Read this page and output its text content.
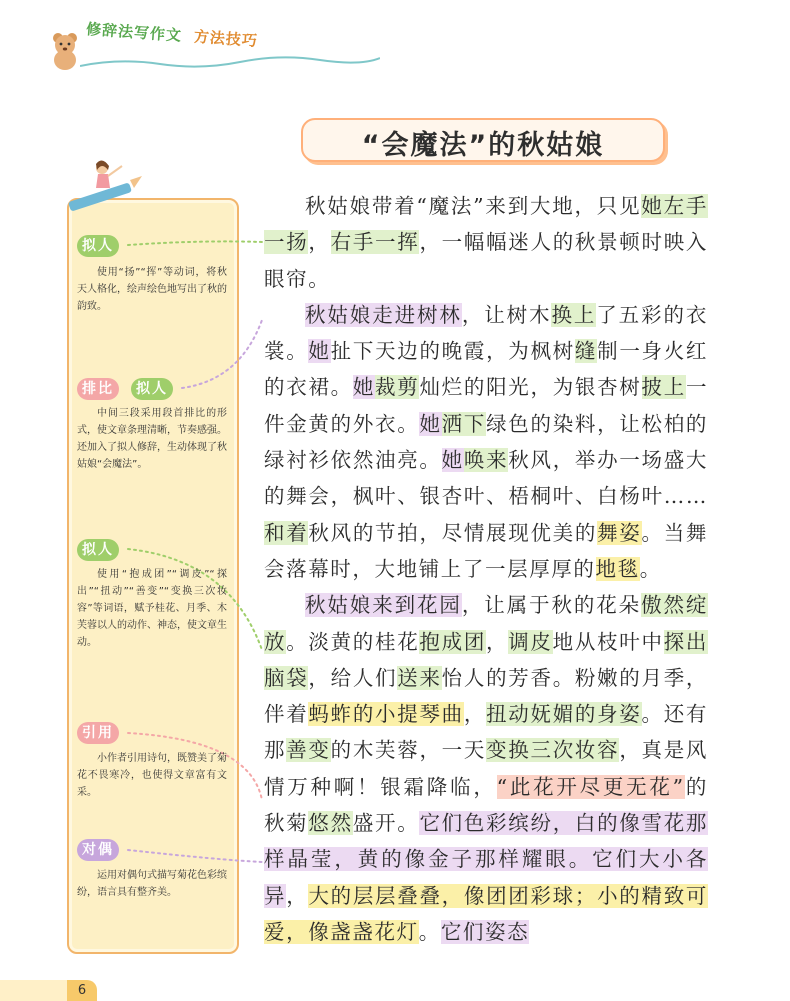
修辞法写作文 方法技巧
“会魔法”的秋姑娘
拟人
使用“扬”“挥”等动词，将秋天人格化，绘声绘色地写出了秋的韵致。
排比	拟人
中间三段采用段首排比的形式，使文章条理清晰，节奏感强。还加入了拟人修辞，生动体现了秋姑娘“会魔法”。
拟人
使用“抱成团”“调皮”“探出”“扭动”“善变”“变换三次妆容”等词语，赋予桂花、月季、木芙蓉以人的动作、神态，使文章生动。
引用
小作者引用诗句，既赞美了菊花不畏寒冷，也使得文章富有文采。
对偶
运用对偶句式描写菊花色彩缤纷，语言具有整齐美。

秋姑娘带着“魔法”来到大地，只见她左手一扬，右手一挥，一幅幅迷人的秋景顿时映入眼帘。

秋姑娘走进树林，让树木换上了五彩的衣裳。她扯下天边的晚霞，为枫树缝制一身火红的衣裙。她裁剪灿烂的阳光，为银杏树披上一件金黄的外衣。她洒下绿色的染料，让松柏的绿衬衫依然油亮。她唤来秋风，举办一场盛大的舞会，枫叶、银杏叶、梧桐叶、白杨叶……和着秋风的节拍，尽情展现优美的舞姿。当舞会落幕时，大地铺上了一层厚厚的地毯。

秋姑娘来到花园，让属于秋的花朵傲然绽放。淡黄的桂花抱成团，调皮地从枝叶中探出脑袋，给人们送来怡人的芳香。粉嫩的月季，伴着蚂蚱的小提琴曲，扭动妩媚的身姿。还有那善变的木芙蓉，一天变换三次妆容，真是风情万种啊！银霜降临，“此花开尽更无花”的秋菊悠然盛开。它们色彩缤纷，白的像雪花那样晶莹，黄的像金子那样耀眼。它们大小各异，大的层层叠叠，像团团彩球；小的精致可爱，像盏盏花灯。它们姿态

6
